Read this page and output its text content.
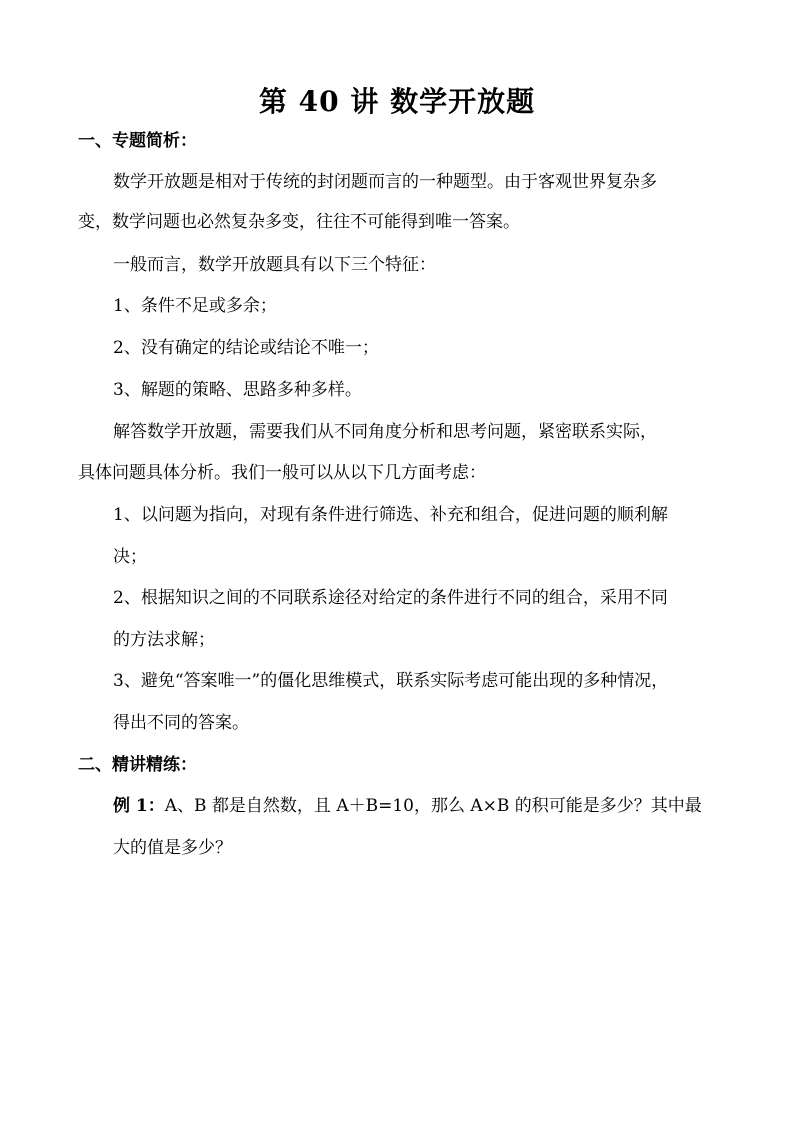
第 40 讲 数学开放题
一、专题简析：
数学开放题是相对于传统的封闭题而言的一种题型。由于客观世界复杂多
变，数学问题也必然复杂多变，往往不可能得到唯一答案。
一般而言，数学开放题具有以下三个特征：
1、条件不足或多余；
2、没有确定的结论或结论不唯一；
3、解题的策略、思路多种多样。
解答数学开放题，需要我们从不同角度分析和思考问题，紧密联系实际，
具体问题具体分析。我们一般可以从以下几方面考虑：
1、以问题为指向，对现有条件进行筛选、补充和组合，促进问题的顺利解
决；
2、根据知识之间的不同联系途径对给定的条件进行不同的组合，采用不同
的方法求解；
3、避免“答案唯一”的僵化思维模式，联系实际考虑可能出现的多种情况，
得出不同的答案。
二、精讲精练：
例 1：A、B 都是自然数，且 A＋B=10，那么 A×B 的积可能是多少？其中最
大的值是多少？
